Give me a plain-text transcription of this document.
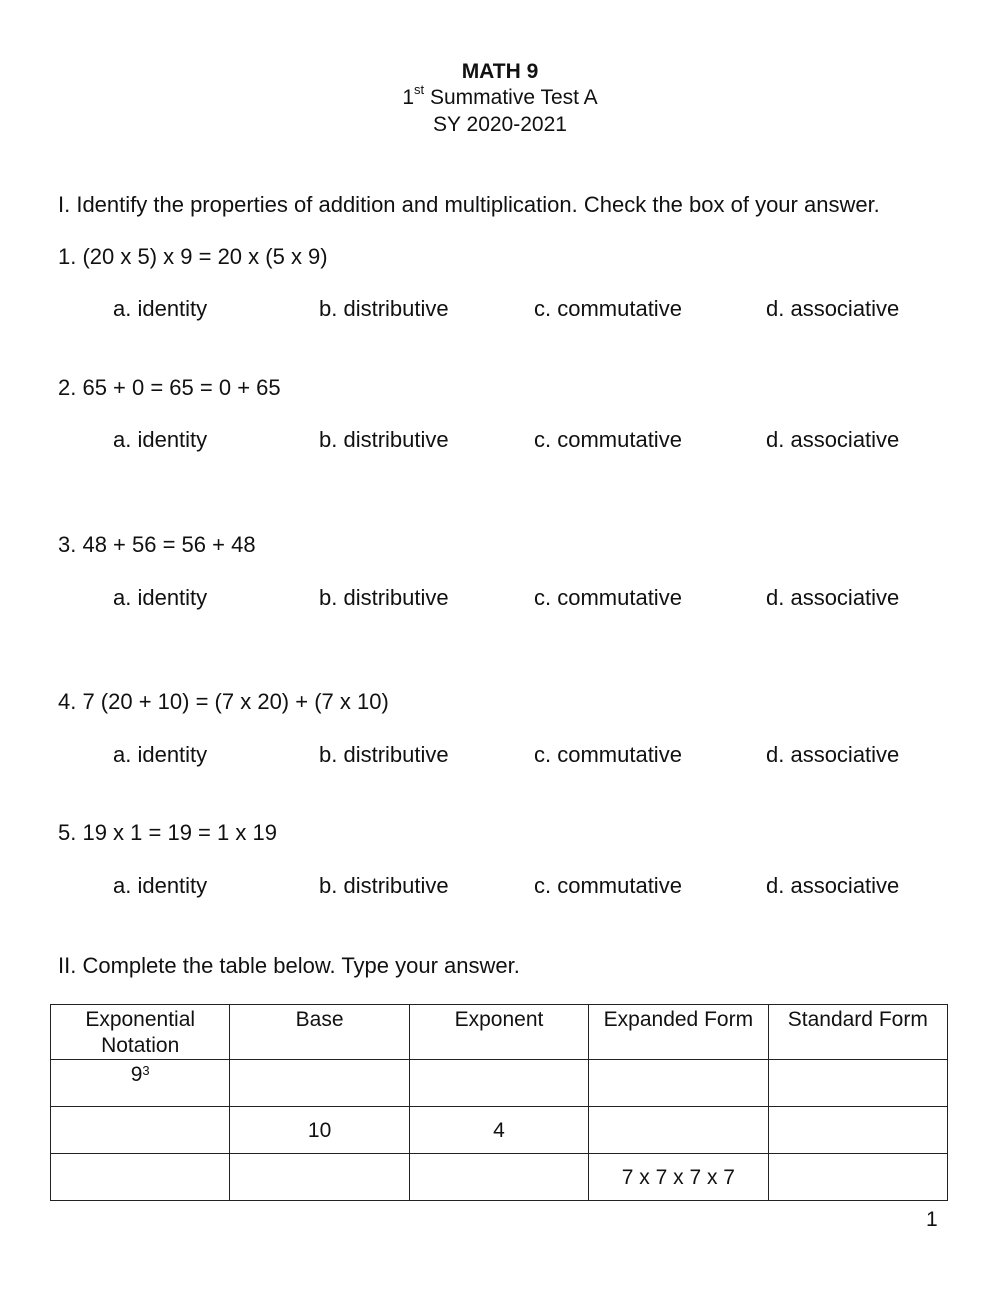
MATH 9
1st Summative Test A
SY 2020-2021
I. Identify the properties of addition and multiplication. Check the box of your answer.
1. (20 x 5) x 9 = 20 x (5 x 9)
a. identity	b. distributive	c. commutative	d. associative
2. 65 + 0 = 65 = 0 + 65
a. identity	b. distributive	c. commutative	d. associative
3. 48 + 56 = 56 + 48
a. identity	b. distributive	c. commutative	d. associative
4. 7 (20 + 10) = (7 x 20) + (7 x 10)
a. identity	b. distributive	c. commutative	d. associative
5. 19 x 1 = 19 = 1 x 19
a. identity	b. distributive	c. commutative	d. associative
II. Complete the table below. Type your answer.
Exponential Notation	Base	Exponent	Expanded Form	Standard Form
$9^3$				
	10	4		
			7 x 7 x 7 x 7	
1
